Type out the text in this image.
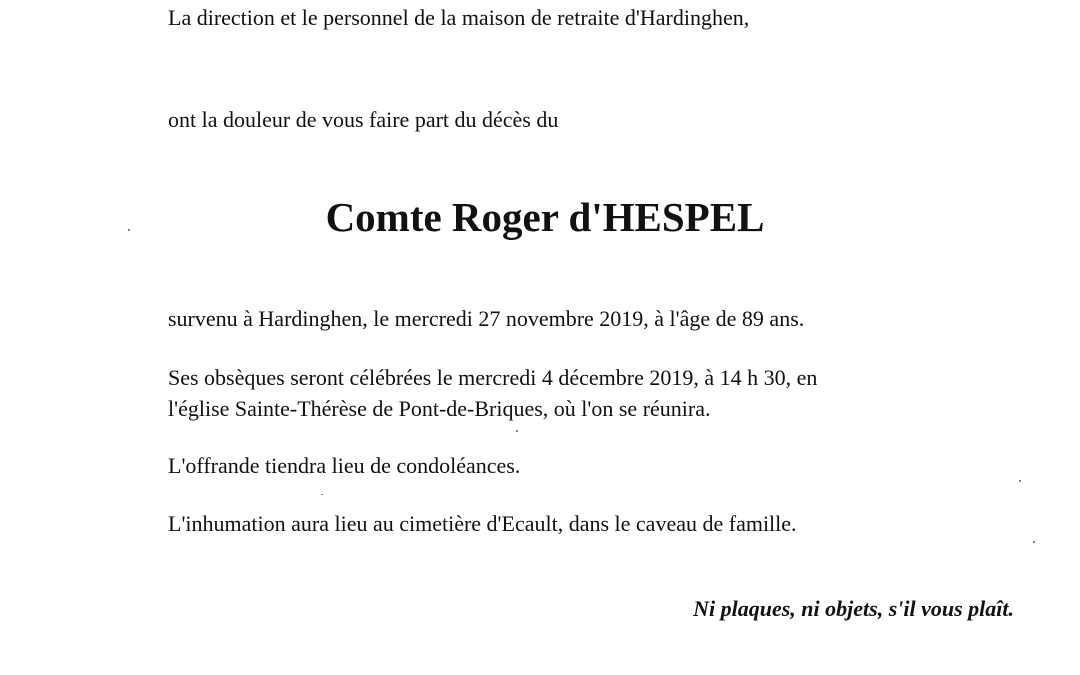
La direction et le personnel de la maison de retraite d'Hardinghen,
ont la douleur de vous faire part du décès du
Comte Roger d'HESPEL
survenu à Hardinghen, le mercredi 27 novembre 2019, à l'âge de 89 ans.
Ses obsèques seront célébrées le mercredi 4 décembre 2019, à 14 h 30, en
l'église Sainte-Thérèse de Pont-de-Briques, où l'on se réunira.
L'offrande tiendra lieu de condoléances.
L'inhumation aura lieu au cimetière d'Ecault, dans le caveau de famille.
Ni plaques, ni objets, s'il vous plaît.
